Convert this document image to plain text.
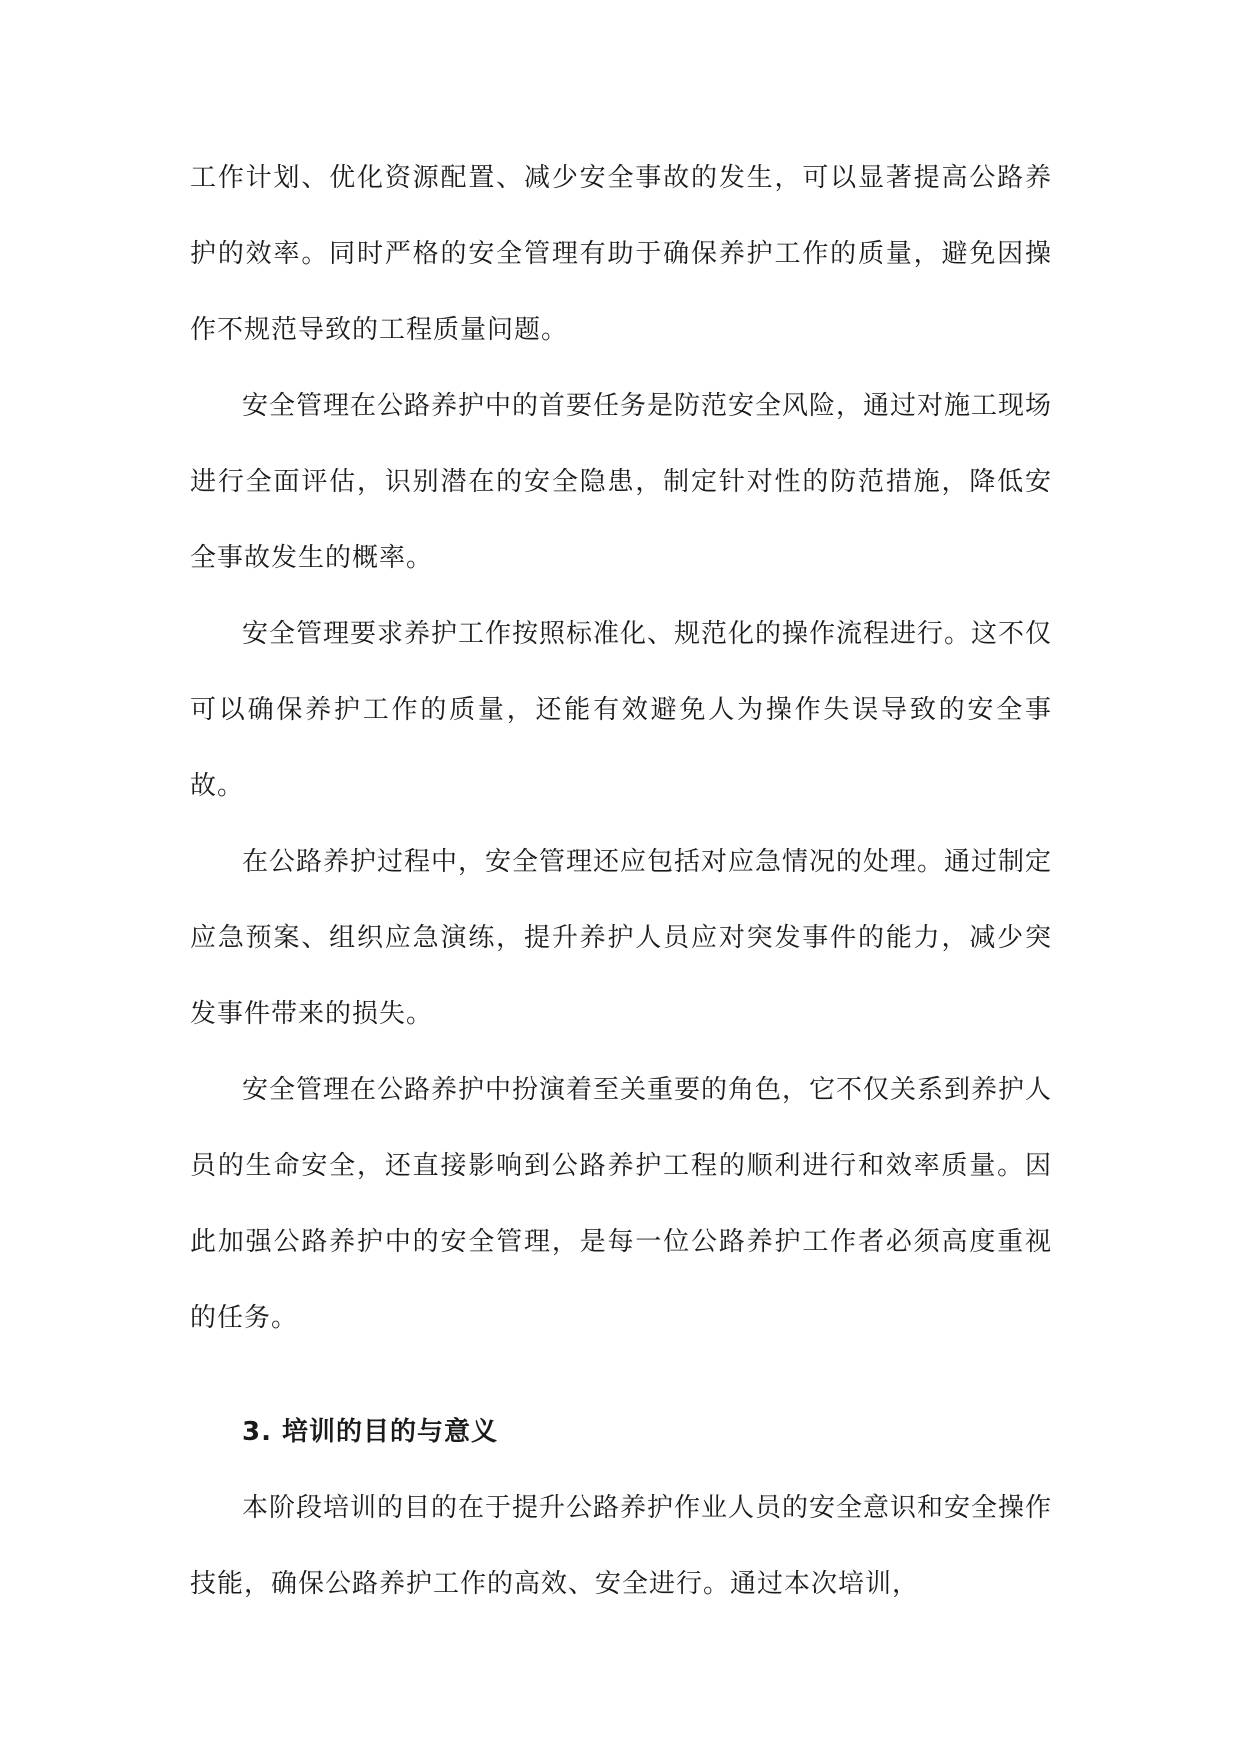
工作计划、优化资源配置、减少安全事故的发生，可以显著提高公路养护的效率。同时严格的安全管理有助于确保养护工作的质量，避免因操作不规范导致的工程质量问题。

安全管理在公路养护中的首要任务是防范安全风险，通过对施工现场进行全面评估，识别潜在的安全隐患，制定针对性的防范措施，降低安全事故发生的概率。

安全管理要求养护工作按照标准化、规范化的操作流程进行。这不仅可以确保养护工作的质量，还能有效避免人为操作失误导致的安全事故。

在公路养护过程中，安全管理还应包括对应急情况的处理。通过制定应急预案、组织应急演练，提升养护人员应对突发事件的能力，减少突发事件带来的损失。

安全管理在公路养护中扮演着至关重要的角色，它不仅关系到养护人员的生命安全，还直接影响到公路养护工程的顺利进行和效率质量。因此加强公路养护中的安全管理，是每一位公路养护工作者必须高度重视的任务。

3. 培训的目的与意义

本阶段培训的目的在于提升公路养护作业人员的安全意识和安全操作技能，确保公路养护工作的高效、安全进行。通过本次培训，
